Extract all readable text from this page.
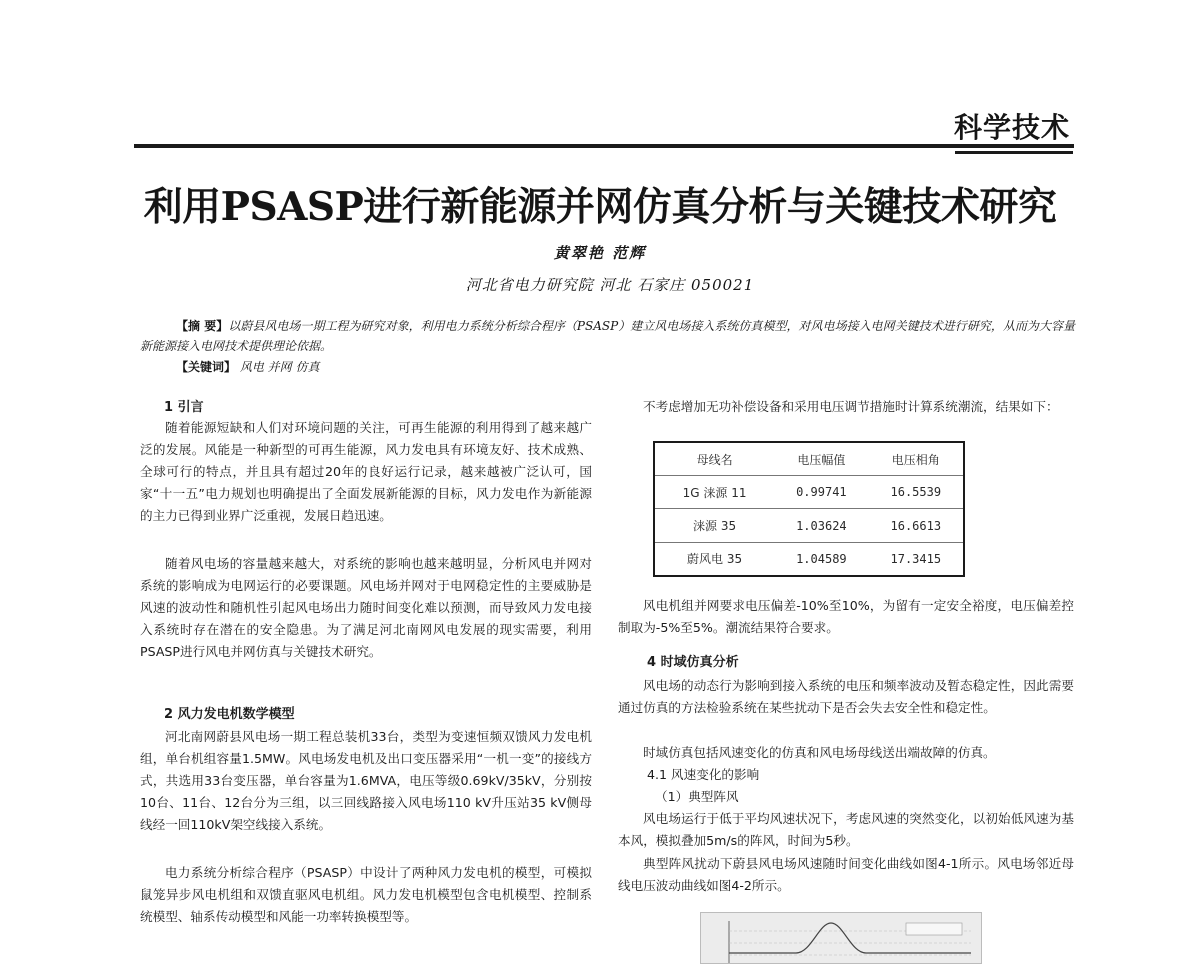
科学技术
利用PSASP进行新能源并网仿真分析与关键技术研究
黄翠艳 范辉
河北省电力研究院 河北 石家庄 050021
【摘 要】以蔚县风电场一期工程为研究对象，利用电力系统分析综合程序（PSASP）建立风电场接入系统仿真模型，对风电场接入电网关键技术进行研究，从而为大容量新能源接入电网技术提供理论依据。
【关键词】 风电 并网 仿真
1 引言

随着能源短缺和人们对环境问题的关注，可再生能源的利用得到了越来越广泛的发展。风能是一种新型的可再生能源，风力发电具有环境友好、技术成熟、全球可行的特点，并且具有超过20年的良好运行记录，越来越被广泛认可，国家“十一五”电力规划也明确提出了全面发展新能源的目标，风力发电作为新能源的主力已得到业界广泛重视，发展日趋迅速。

随着风电场的容量越来越大，对系统的影响也越来越明显，分析风电并网对系统的影响成为电网运行的必要课题。风电场并网对于电网稳定性的主要威胁是风速的波动性和随机性引起风电场出力随时间变化难以预测，而导致风力发电接入系统时存在潜在的安全隐患。为了满足河北南网风电发展的现实需要，利用PSASP进行风电并网仿真与关键技术研究。

2 风力发电机数学模型

河北南网蔚县风电场一期工程总装机33台，类型为变速恒频双馈风力发电机组，单台机组容量1.5MW。风电场发电机及出口变压器采用“一机一变”的接线方式，共选用33台变压器，单台容量为1.6MVA，电压等级0.69kV/35kV，分别按10台、11台、12台分为三组，以三回线路接入风电场110 kV升压站35 kV侧母线经一回110kV架空线接入系统。

电力系统分析综合程序（PSASP）中设计了两种风力发电机的模型，可模拟鼠笼异步风电机组和双馈直驱风电机组。风力发电机模型包含电机模型、控制系统模型、轴系传动模型和风能一功率转换模型等。

不考虑增加无功补偿设备和采用电压调节措施时计算系统潮流，结果如下：

母线名	电压幅值	电压相角
1G 涞源 11	0.99741	16.5539
涞源 35	1.03624	16.6613
蔚风电 35	1.04589	17.3415

风电机组并网要求电压偏差-10%至10%，为留有一定安全裕度，电压偏差控制取为-5%至5%。潮流结果符合要求。

4 时域仿真分析

风电场的动态行为影响到接入系统的电压和频率波动及暂态稳定性，因此需要通过仿真的方法检验系统在某些扰动下是否会失去安全性和稳定性。

时域仿真包括风速变化的仿真和风电场母线送出端故障的仿真。

4.1 风速变化的影响
（1）典型阵风

风电场运行于低于平均风速状况下，考虑风速的突然变化，以初始低风速为基本风，模拟叠加5m/s的阵风，时间为5秒。

典型阵风扰动下蔚县风电场风速随时间变化曲线如图4-1所示。风电场邻近母线电压波动曲线如图4-2所示。
